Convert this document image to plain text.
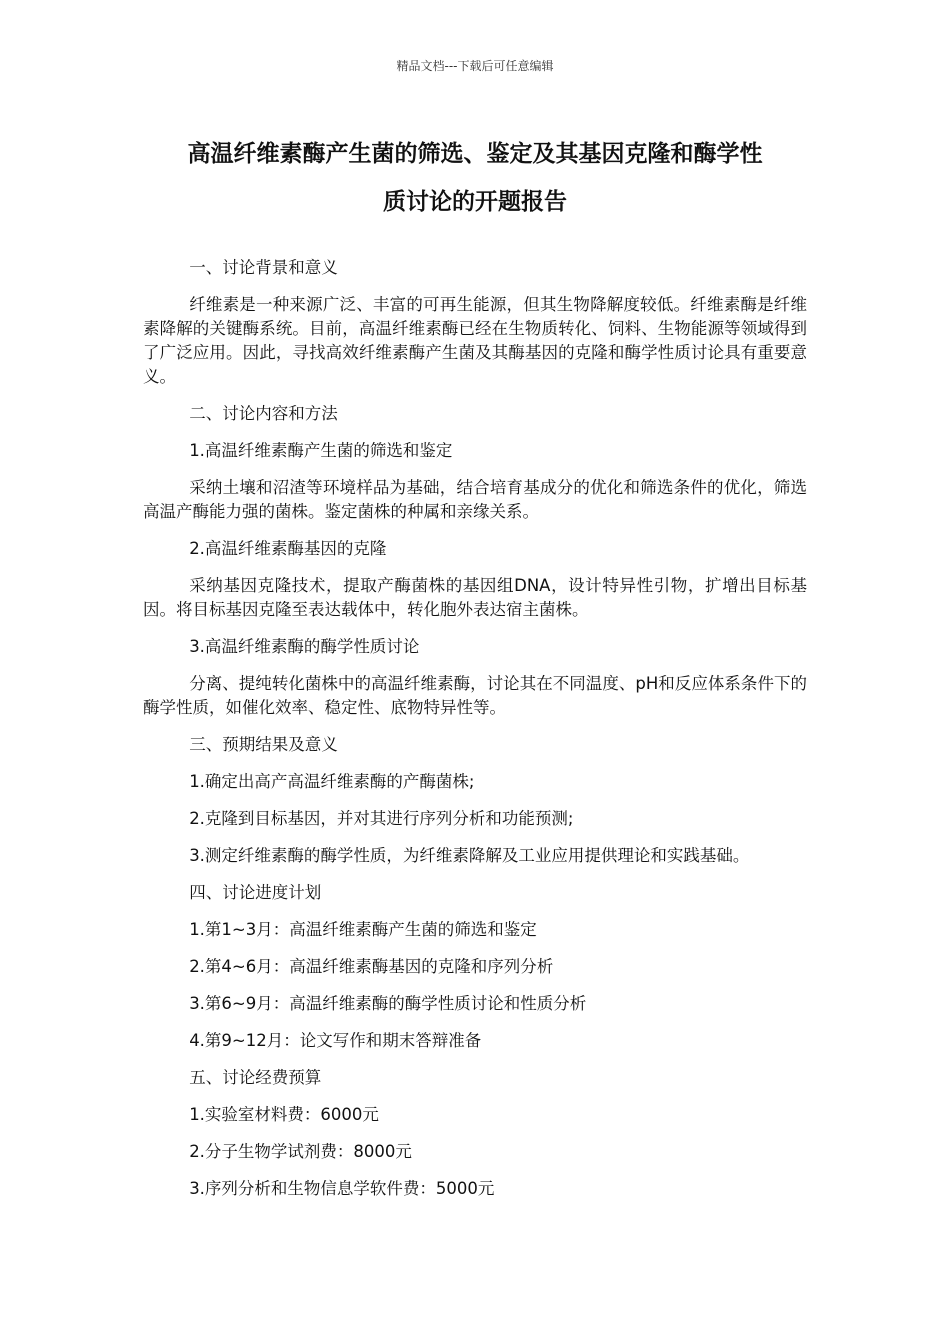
精品文档---下载后可任意编辑
高温纤维素酶产生菌的筛选、鉴定及其基因克隆和酶学性
质讨论的开题报告

一、讨论背景和意义

纤维素是一种来源广泛、丰富的可再生能源，但其生物降解度较低。纤维素酶是纤维素降解的关键酶系统。目前，高温纤维素酶已经在生物质转化、饲料、生物能源等领域得到了广泛应用。因此，寻找高效纤维素酶产生菌及其酶基因的克隆和酶学性质讨论具有重要意义。

二、讨论内容和方法

1.高温纤维素酶产生菌的筛选和鉴定

采纳土壤和沼渣等环境样品为基础，结合培育基成分的优化和筛选条件的优化，筛选高温产酶能力强的菌株。鉴定菌株的种属和亲缘关系。

2.高温纤维素酶基因的克隆

采纳基因克隆技术，提取产酶菌株的基因组DNA，设计特异性引物，扩增出目标基因。将目标基因克隆至表达载体中，转化胞外表达宿主菌株。

3.高温纤维素酶的酶学性质讨论

分离、提纯转化菌株中的高温纤维素酶，讨论其在不同温度、pH和反应体系条件下的酶学性质，如催化效率、稳定性、底物特异性等。

三、预期结果及意义

1.确定出高产高温纤维素酶的产酶菌株;

2.克隆到目标基因，并对其进行序列分析和功能预测;

3.测定纤维素酶的酶学性质，为纤维素降解及工业应用提供理论和实践基础。

四、讨论进度计划

1.第1~3月：高温纤维素酶产生菌的筛选和鉴定

2.第4~6月：高温纤维素酶基因的克隆和序列分析

3.第6~9月：高温纤维素酶的酶学性质讨论和性质分析

4.第9~12月：论文写作和期末答辩准备

五、讨论经费预算

1.实验室材料费：6000元

2.分子生物学试剂费：8000元

3.序列分析和生物信息学软件费：5000元
